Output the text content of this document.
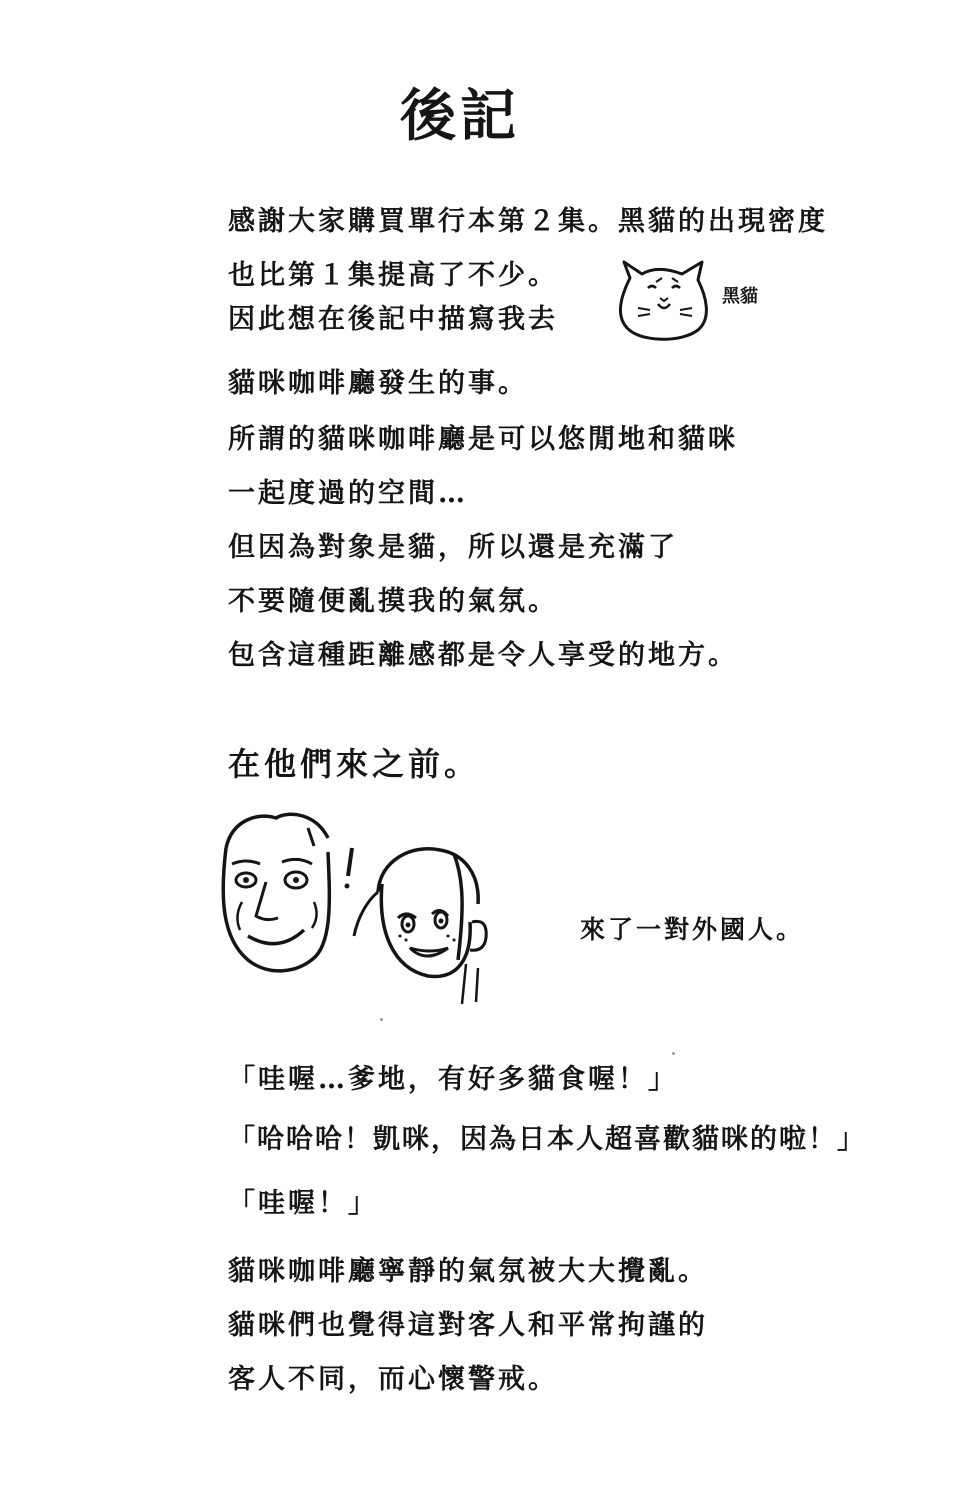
後記
感謝大家購買單行本第２集。黑貓的出現密度
也比第１集提高了不少。
因此想在後記中描寫我去
貓咪咖啡廳發生的事。
所謂的貓咪咖啡廳是可以悠閒地和貓咪
一起度過的空間…
但因為對象是貓，所以還是充滿了
不要隨便亂摸我的氣氛。
包含這種距離感都是令人享受的地方。
黑貓
在他們來之前。
來了一對外國人。
「哇喔…爹地，有好多貓食喔！」
「哈哈哈！凱咪，因為日本人超喜歡貓咪的啦！」
「哇喔！」
貓咪咖啡廳寧靜的氣氛被大大攪亂。
貓咪們也覺得這對客人和平常拘謹的
客人不同，而心懷警戒。
